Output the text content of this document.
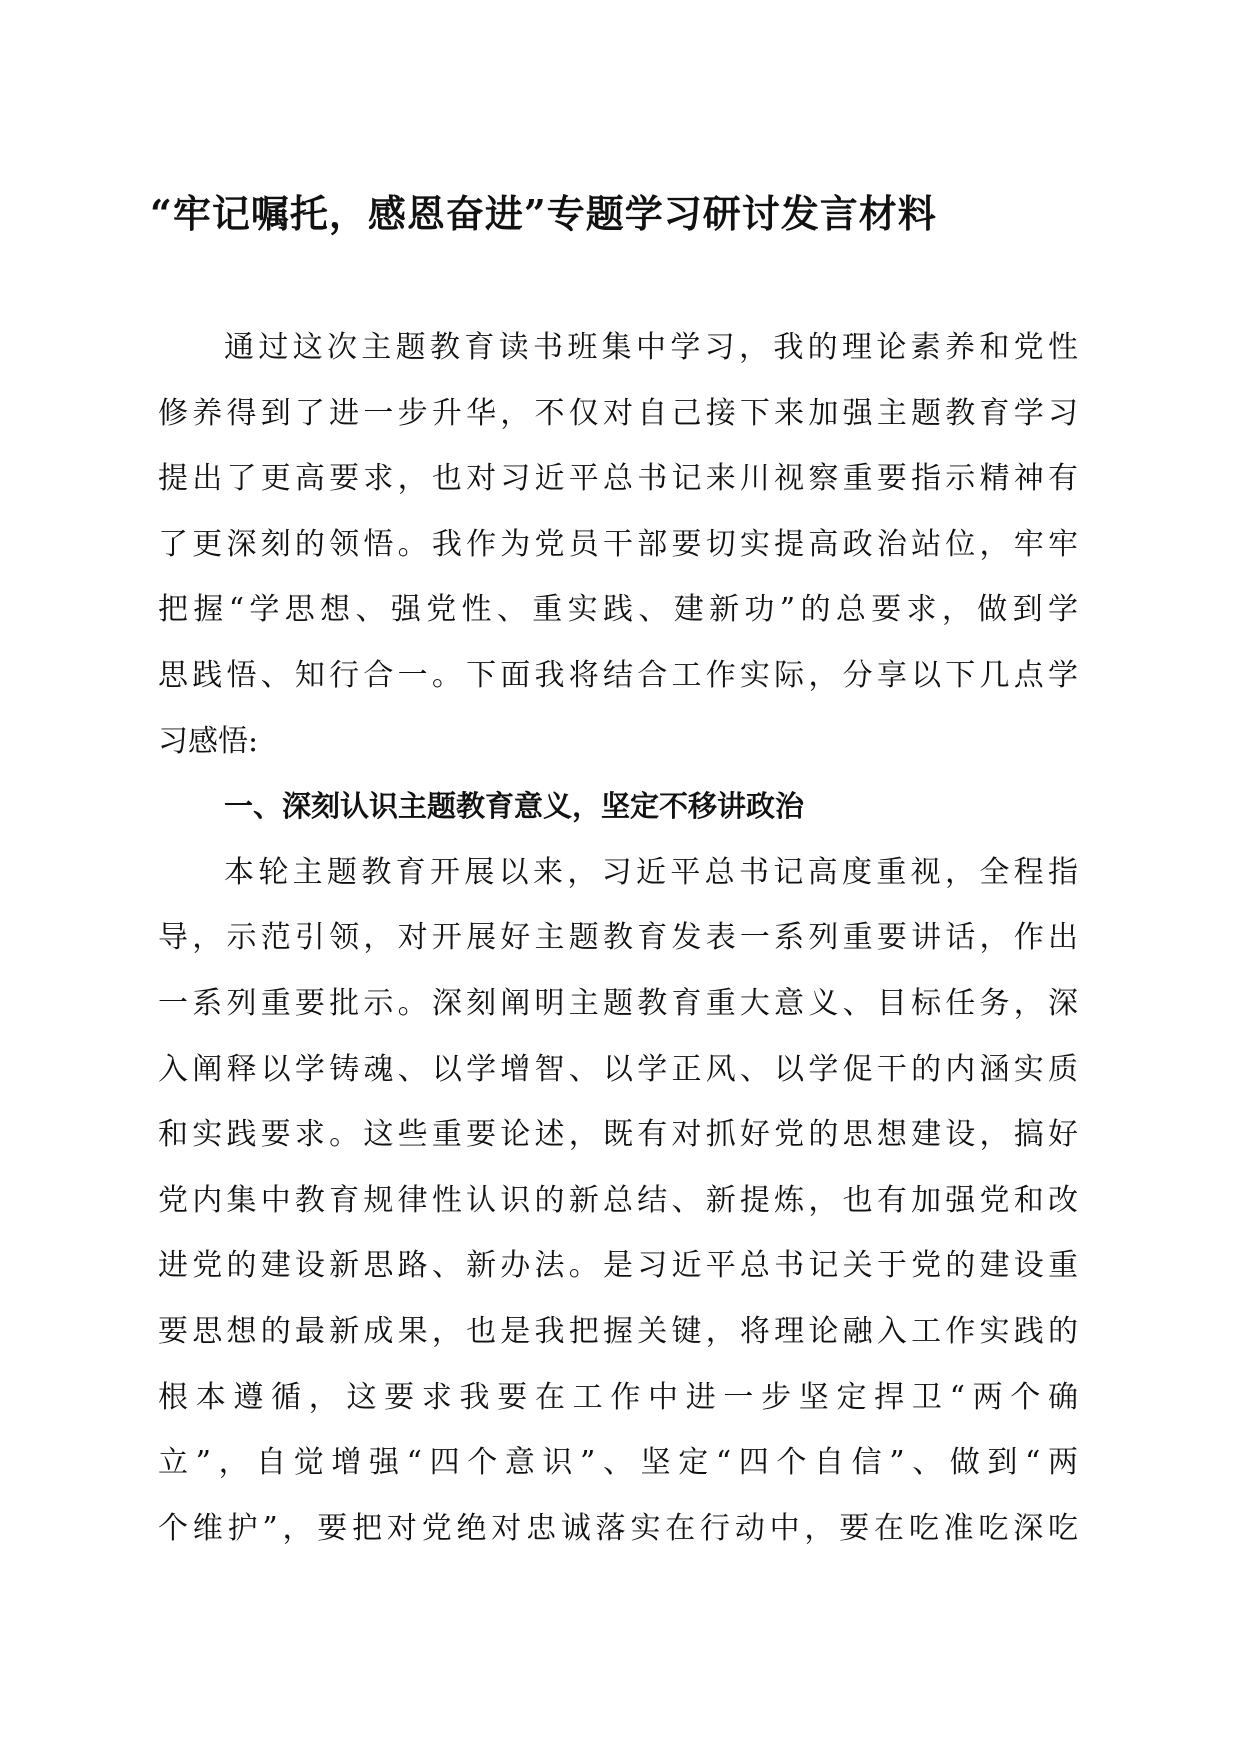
“牢记嘱托，感恩奋进”专题学习研讨发言材料
通过这次主题教育读书班集中学习，我的理论素养和党性
修养得到了进一步升华，不仅对自己接下来加强主题教育学习
提出了更高要求，也对习近平总书记来川视察重要指示精神有
了更深刻的领悟。我作为党员干部要切实提高政治站位，牢牢
把握“学思想、强党性、重实践、建新功”的总要求，做到学
思践悟、知行合一。下面我将结合工作实际，分享以下几点学
习感悟:
一、深刻认识主题教育意义，坚定不移讲政治
本轮主题教育开展以来，习近平总书记高度重视，全程指
导，示范引领，对开展好主题教育发表一系列重要讲话，作出
一系列重要批示。深刻阐明主题教育重大意义、目标任务，深
入阐释以学铸魂、以学增智、以学正风、以学促干的内涵实质
和实践要求。这些重要论述，既有对抓好党的思想建设，搞好
党内集中教育规律性认识的新总结、新提炼，也有加强党和改
进党的建设新思路、新办法。是习近平总书记关于党的建设重
要思想的最新成果，也是我把握关键，将理论融入工作实践的
根本遵循，这要求我要在工作中进一步坚定捍卫“两个确
立”，自觉增强“四个意识”、坚定“四个自信”、做到“两
个维护”，要把对党绝对忠诚落实在行动中，要在吃准吃深吃
